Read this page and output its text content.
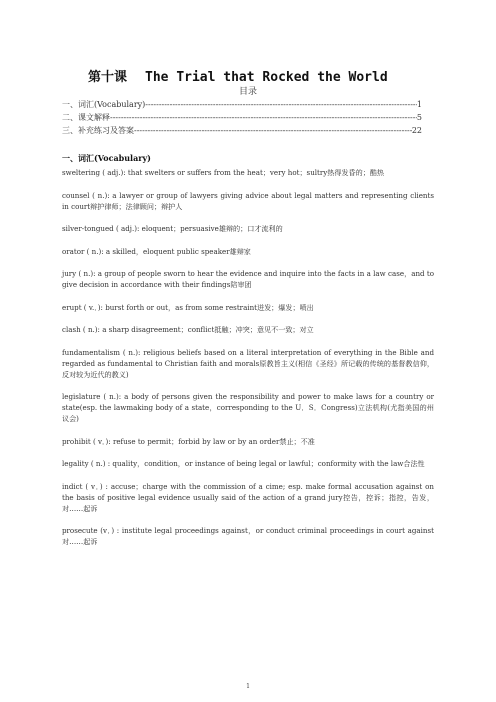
第十课 The Trial that Rocked the World
目录
一、词汇(Vocabulary) -----	1
二、课文解释 -----	5
三、补充练习及答案 -----	22
一、词汇(Vocabulary)

sweltering ( adj.): that swelters or suffers from the heat；very hot；sultry热得发昏的；酷热

counsel ( n.): a lawyer or group of lawyers giving advice about legal matters and representing clients in court辩护律师；法律顾问；辩护人

silver-tongued ( adj.): eloquent；persuasive雄辩的；口才流利的

orator ( n.): a skilled，eloquent public speaker雄辩家

jury ( n.): a group of people sworn to hear the evidence and inquire into the facts in a law case，and to give decision in accordance with their findings陪审团

erupt ( v.．): burst forth or out，as from some restraint迸发；爆发；喷出

clash ( n.): a sharp disagreement；conflict抵触；冲突；意见不一致；对立

fundamentalism ( n.): religious beliefs based on a literal interpretation of everything in the Bible and regarded as fundamental to Christian faith and morals原教旨主义(相信《圣经》所记载的传统的基督教信仰，反对较为近代的教义)

legislature ( n.): a body of persons given the responsibility and power to make laws for a country or state(esp. the lawmaking body of a state，corresponding to the U．S．Congress)立法机构(尤指美国的州议会)

prohibit ( v．): refuse to permit；forbid by law or by an order禁止；不准

legality ( n.) : quality，condition，or instance of being legal or lawful；conformity with the law合法性

indict ( v．) : accuse；charge with the commission of a cime; esp. make formal accusation against on the basis of positive legal evidence usually said of the action of a grand jury控告，控诉；指控，告发，对……起诉

prosecute (v．) : institute legal proceedings against，or conduct criminal proceedings in court against对……起诉

1
